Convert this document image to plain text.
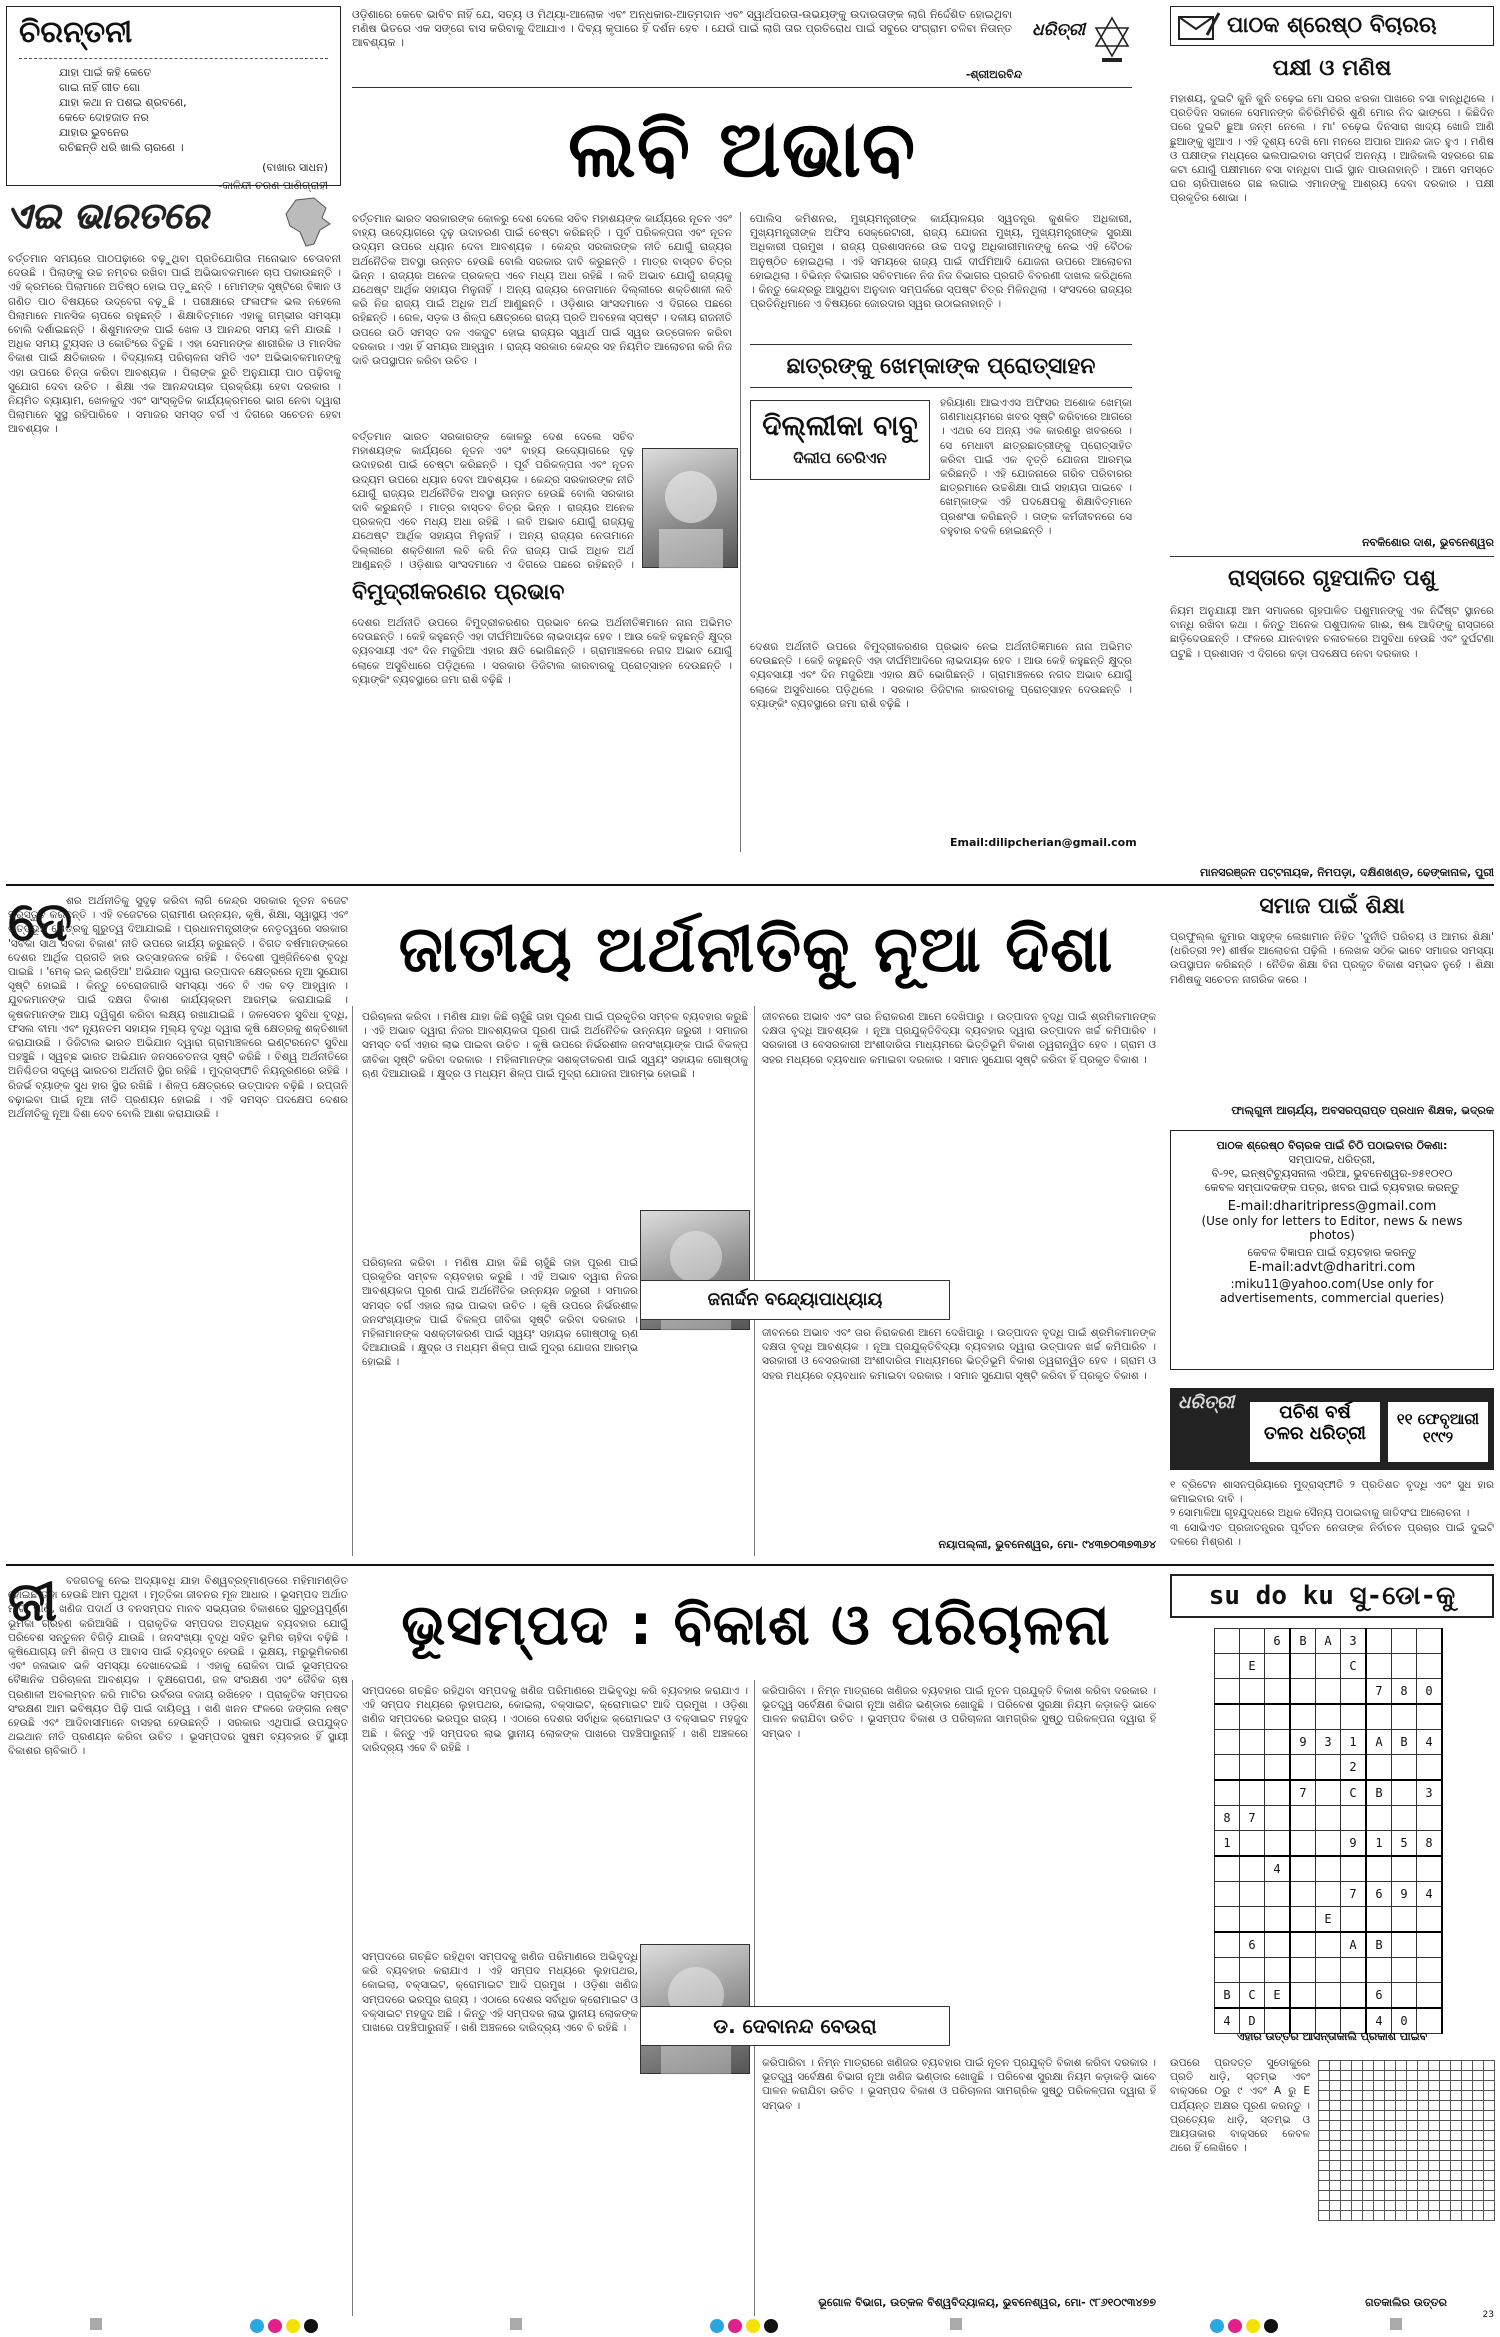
ଚିରନ୍ତନୀ
ଯାହା ପାଇଁ କହି କେତେ
ଗାଇ ନାହିଁ ଗୀତ ଗୋ
ଯାହା କଥା ନ ପଶଇ ଶ୍ରବଣେ,
କେତେ ଦୋହଜାତ ନର
ଯାହାର ଭୁବନେର
ରଚିଛନ୍ତି ଧରି ଖାଲି ଚାରଣେ ।
(ବାଖାର ସାଧନ)
-କାଳିନ୍ଦୀ ଚରଣ ପାଣିଗ୍ରାହୀ
ଏଇ ଭାରତରେ
ବର୍ତ୍ତମାନ ସମୟରେ ପାଠପଢ଼ାରେ ବଢ଼ୁଥିବା ପ୍ରତିଯୋଗିତା ମନୋଭାବ ଚେତାବନୀ ଦେଉଛି । ପିଲାଙ୍କୁ ଉଚ୍ଚ ନମ୍ବର ରଖିବା ପାଇଁ ଅଭିଭାବକମାନେ ଚାପ ପକାଉଛନ୍ତି । ଏହି କ୍ରମରେ ପିଲାମାନେ ଅତିଷ୍ଠ ହୋଇ ପଡ଼ୁଛନ୍ତି । ମୋମଙ୍କ ସୃଷ୍ଟିରେ ବିଜ୍ଞାନ ଓ ଗଣିତ ପାଠ ବିଷୟରେ ଉଦ୍‌ବେଗ ବଢ଼ୁଛି । ପରୀକ୍ଷାରେ ଫଳାଫଳ ଭଲ ନହେଲେ ପିଲାମାନେ ମାନସିକ ଚାପରେ ରହୁଛନ୍ତି । ଶିକ୍ଷାବିତ୍‌ମାନେ ଏହାକୁ ଗମ୍ଭୀର ସମସ୍ୟା ବୋଲି ଦର୍ଶାଇଛନ୍ତି । ଶିଶୁମାନଙ୍କ ପାଇଁ ଖେଳ ଓ ଆନନ୍ଦର ସମୟ କମି ଯାଉଛି । ଅଧିକ ସମୟ ଟ୍ୟୁସନ ଓ କୋଚିଂରେ ବିତୁଛି । ଏହା ସେମାନଙ୍କ ଶାରୀରିକ ଓ ମାନସିକ ବିକାଶ ପାଇଁ କ୍ଷତିକାରକ । ବିଦ୍ୟାଳୟ ପରିଚାଳନା ସମିତି ଏବଂ ଅଭିଭାବକମାନଙ୍କୁ ଏହା ଉପରେ ଚିନ୍ତା କରିବା ଆବଶ୍ୟକ । ପିଲାଙ୍କ ରୁଚି ଅନୁଯାୟୀ ପାଠ ପଢ଼ିବାକୁ ସୁଯୋଗ ଦେବା ଉଚିତ । ଶିକ୍ଷା ଏକ ଆନନ୍ଦଦାୟକ ପ୍ରକ୍ରିୟା ହେବା ଦରକାର । ନିୟମିତ ବ୍ୟାୟାମ, ଖେଳକୁଦ ଏବଂ ସାଂସ୍କୃତିକ କାର୍ଯ୍ୟକ୍ରମରେ ଭାଗ ନେବା ଦ୍ୱାରା ପିଲାମାନେ ସୁସ୍ଥ ରହିପାରିବେ । ସମାଜର ସମସ୍ତ ବର୍ଗ ଏ ଦିଗରେ ସଚେତନ ହେବା ଆବଶ୍ୟକ ।
ଓଡ଼ିଶାରେ କେବେ ଭାବିବ ନାହିଁ ଯେ, ସତ୍ୟ ଓ ମିଥ୍ୟା-ଆଲୋକ ଏବଂ ଅନ୍ଧକାର-ଆତ୍ମଦାନ ଏବଂ ସ୍ୱାର୍ଥପରତା-ଉଭୟଙ୍କୁ ଉଦାରତାଙ୍କ ଲାଗି ନିର୍ଦ୍ଦେଶିତ ହୋଇଥିବା ମଣିଷ ଭିତରେ ଏକ ସଙ୍ଗେ ବାସ କରିବାକୁ ଦିଆଯାଏ । ଦିବ୍ୟ କୃପାରେ ହିଁ ଦର୍ଶନ ହେବ । ଯେଉଁ ପାଇଁ ଲାଗି ତାର ପ୍ରତିରୋଧ ପାଇଁ ସବୁରେ ସଂଗ୍ରାମ ଚଳିବା ନିତାନ୍ତ ଆବଶ୍ୟକ ।
-ଶ୍ରୀଅରବିନ୍ଦ
ଧରିତ୍ରୀ
ଲବି ଅଭାବ
ବର୍ତ୍ତମାନ ଭାରତ ସରକାରଙ୍କ କୋଳରୁ ଦେଶ ଦେଲେ ସଚିବ ମହାଶୟଙ୍କ କାର୍ଯ୍ୟରେ ନୂତନ ଏବଂ ବାହ୍ୟ ଉଦ୍ୟୋଗରେ ଦୃଢ଼ ଉଦାହରଣ ପାଇଁ ଚେଷ୍ଟା କରିଛନ୍ତି । ପୂର୍ବ ପରିକଳ୍ପନା ଏବଂ ନୂତନ ଉଦ୍ୟମ ଉପରେ ଧ୍ୟାନ ଦେବା ଆବଶ୍ୟକ । କେନ୍ଦ୍ର ସରକାରଙ୍କ ନୀତି ଯୋଗୁଁ ରାଜ୍ୟର ଅର୍ଥନୈତିକ ଅବସ୍ଥା ଉନ୍ନତ ହେଉଛି ବୋଲି ସରକାର ଦାବି କରୁଛନ୍ତି । ମାତ୍ର ବାସ୍ତବ ଚିତ୍ର ଭିନ୍ନ । ରାଜ୍ୟର ଅନେକ ପ୍ରକଳ୍ପ ଏବେ ମଧ୍ୟ ଅଧା ରହିଛି । ଲବି ଅଭାବ ଯୋଗୁଁ ରାଜ୍ୟକୁ ଯଥେଷ୍ଟ ଆର୍ଥିକ ସହାୟତା ମିଳୁନାହିଁ । ଅନ୍ୟ ରାଜ୍ୟର ନେତାମାନେ ଦିଲ୍ଲୀରେ ଶକ୍ତିଶାଳୀ ଲବି କରି ନିଜ ରାଜ୍ୟ ପାଇଁ ଅଧିକ ଅର୍ଥ ଆଣୁଛନ୍ତି । ଓଡ଼ିଶାର ସାଂସଦମାନେ ଏ ଦିଗରେ ପଛରେ ରହିଛନ୍ତି । ରେଳ, ସଡ଼କ ଓ ଶିଳ୍ପ କ୍ଷେତ୍ରରେ ରାଜ୍ୟ ପ୍ରତି ଅବହେଳା ସ୍ପଷ୍ଟ । ଦଳୀୟ ରାଜନୀତି ଉପରେ ଉଠି ସମସ୍ତ ଦଳ ଏକଜୁଟ ହୋଇ ରାଜ୍ୟର ସ୍ୱାର୍ଥ ପାଇଁ ସ୍ୱର ଉତ୍ତୋଳନ କରିବା ଦରକାର । ଏହା ହିଁ ସମୟର ଆହ୍ୱାନ । ରାଜ୍ୟ ସରକାର କେନ୍ଦ୍ର ସହ ନିୟମିତ ଆଲୋଚନା କରି ନିଜ ଦାବି ଉପସ୍ଥାପନ କରିବା ଉଚିତ ।
ପୋଲିସ କମିଶନର, ମୁଖ୍ୟମନ୍ତ୍ରୀଙ୍କ କାର୍ଯ୍ୟାଳୟର ସ୍ୱତନ୍ତ୍ର କୁଶଳିତ ଅଧିକାରୀ, ମୁଖ୍ୟମନ୍ତ୍ରୀଙ୍କ ଅଫିସ ସେକ୍ରେଟାରୀ, ରାଜ୍ୟ ଯୋଜନା ମୁଖ୍ୟ, ମୁଖ୍ୟମନ୍ତ୍ରୀଙ୍କ ସୁରକ୍ଷା ଅଧିକାରୀ ପ୍ରମୁଖ । ରାଜ୍ୟ ପ୍ରଶାସନରେ ଉଚ୍ଚ ପଦସ୍ଥ ଅଧିକାରୀମାନଙ୍କୁ ନେଇ ଏହି ବୈଠକ ଅନୁଷ୍ଠିତ ହୋଇଥିଲା । ଏହି ସମୟରେ ରାଜ୍ୟ ପାଇଁ ଦୀର୍ଘମିଆଦି ଯୋଜନା ଉପରେ ଆଲୋଚନା ହୋଇଥିଲା । ବିଭିନ୍ନ ବିଭାଗର ସଚିବମାନେ ନିଜ ନିଜ ବିଭାଗର ପ୍ରଗତି ବିବରଣୀ ଦାଖଲ କରିଥିଲେ । କିନ୍ତୁ କେନ୍ଦ୍ରରୁ ଆସୁଥିବା ଅନୁଦାନ ସମ୍ପର୍କରେ ସ୍ପଷ୍ଟ ଚିତ୍ର ମିଳିନଥିଲା । ସଂସଦରେ ରାଜ୍ୟର ପ୍ରତିନିଧିମାନେ ଏ ବିଷୟରେ ଜୋରଦାର ସ୍ୱର ଉଠାଇନାହାନ୍ତି ।
ଛାତ୍ରଙ୍କୁ ଖେମ୍‌କାଙ୍କ ପ୍ରୋତ୍ସାହନ
ଦିଲ୍ଲୀକା ବାବୁ
ଦିଲୀପ ଚେରିଏନ
ହରିୟାଣା ଆଇଏଏସ ଅଫିସର ଅଶୋକ ଖେମ୍‌କା ଗଣମାଧ୍ୟମରେ ଖବର ସୃଷ୍ଟି କରିବାରେ ଆଗରେ । ଏଥର ସେ ଅନ୍ୟ ଏକ କାରଣରୁ ଖବରରେ । ସେ ମେଧାବୀ ଛାତ୍ରଛାତ୍ରୀଙ୍କୁ ପ୍ରୋତ୍ସାହିତ କରିବା ପାଇଁ ଏକ ବୃତ୍ତି ଯୋଜନା ଆରମ୍ଭ କରିଛନ୍ତି । ଏହି ଯୋଜନାରେ ଗରିବ ପରିବାରର ଛାତ୍ରମାନେ ଉଚ୍ଚଶିକ୍ଷା ପାଇଁ ସହାୟତା ପାଇବେ । ଖେମ୍‌କାଙ୍କ ଏହି ପଦକ୍ଷେପକୁ ଶିକ୍ଷାବିତ୍‌ମାନେ ପ୍ରଶଂସା କରିଛନ୍ତି । ତାଙ୍କ କର୍ମଜୀବନରେ ସେ ବହୁବାର ବଦଳି ହୋଇଛନ୍ତି ।
ବର୍ତ୍ତମାନ ଭାରତ ସରକାରଙ୍କ କୋଳରୁ ଦେଶ ଦେଲେ ସଚିବ ମହାଶୟଙ୍କ କାର୍ଯ୍ୟରେ ନୂତନ ଏବଂ ବାହ୍ୟ ଉଦ୍ୟୋଗରେ ଦୃଢ଼ ଉଦାହରଣ ପାଇଁ ଚେଷ୍ଟା କରିଛନ୍ତି । ପୂର୍ବ ପରିକଳ୍ପନା ଏବଂ ନୂତନ ଉଦ୍ୟମ ଉପରେ ଧ୍ୟାନ ଦେବା ଆବଶ୍ୟକ । କେନ୍ଦ୍ର ସରକାରଙ୍କ ନୀତି ଯୋଗୁଁ ରାଜ୍ୟର ଅର୍ଥନୈତିକ ଅବସ୍ଥା ଉନ୍ନତ ହେଉଛି ବୋଲି ସରକାର ଦାବି କରୁଛନ୍ତି । ମାତ୍ର ବାସ୍ତବ ଚିତ୍ର ଭିନ୍ନ । ରାଜ୍ୟର ଅନେକ ପ୍ରକଳ୍ପ ଏବେ ମଧ୍ୟ ଅଧା ରହିଛି । ଲବି ଅଭାବ ଯୋଗୁଁ ରାଜ୍ୟକୁ ଯଥେଷ୍ଟ ଆର୍ଥିକ ସହାୟତା ମିଳୁନାହିଁ । ଅନ୍ୟ ରାଜ୍ୟର ନେତାମାନେ ଦିଲ୍ଲୀରେ ଶକ୍ତିଶାଳୀ ଲବି କରି ନିଜ ରାଜ୍ୟ ପାଇଁ ଅଧିକ ଅର୍ଥ ଆଣୁଛନ୍ତି । ଓଡ଼ିଶାର ସାଂସଦମାନେ ଏ ଦିଗରେ ପଛରେ ରହିଛନ୍ତି ।
ବିମୁଦ୍ରୀକରଣର ପ୍ରଭାବ
ଦେଶର ଅର୍ଥନୀତି ଉପରେ ବିମୁଦ୍ରୀକରଣର ପ୍ରଭାବ ନେଇ ଅର୍ଥନୀତିଜ୍ଞମାନେ ନାନା ଅଭିମତ ଦେଉଛନ୍ତି । କେହି କହୁଛନ୍ତି ଏହା ଦୀର୍ଘମିଆଦିରେ ଲାଭଦାୟକ ହେବ । ଆଉ କେହି କହୁଛନ୍ତି କ୍ଷୁଦ୍ର ବ୍ୟବସାୟୀ ଏବଂ ଦିନ ମଜୁରିଆ ଏହାର କ୍ଷତି ଭୋଗିଛନ୍ତି । ଗ୍ରାମାଞ୍ଚଳରେ ନଗଦ ଅଭାବ ଯୋଗୁଁ ଲୋକେ ଅସୁବିଧାରେ ପଡ଼ିଥିଲେ । ସରକାର ଡିଜିଟାଲ କାରବାରକୁ ପ୍ରୋତ୍ସାହନ ଦେଉଛନ୍ତି । ବ୍ୟାଙ୍କିଂ ବ୍ୟବସ୍ଥାରେ ଜମା ରାଶି ବଢ଼ିଛି ।
ଦେଶର ଅର୍ଥନୀତି ଉପରେ ବିମୁଦ୍ରୀକରଣର ପ୍ରଭାବ ନେଇ ଅର୍ଥନୀତିଜ୍ଞମାନେ ନାନା ଅଭିମତ ଦେଉଛନ୍ତି । କେହି କହୁଛନ୍ତି ଏହା ଦୀର୍ଘମିଆଦିରେ ଲାଭଦାୟକ ହେବ । ଆଉ କେହି କହୁଛନ୍ତି କ୍ଷୁଦ୍ର ବ୍ୟବସାୟୀ ଏବଂ ଦିନ ମଜୁରିଆ ଏହାର କ୍ଷତି ଭୋଗିଛନ୍ତି । ଗ୍ରାମାଞ୍ଚଳରେ ନଗଦ ଅଭାବ ଯୋଗୁଁ ଲୋକେ ଅସୁବିଧାରେ ପଡ଼ିଥିଲେ । ସରକାର ଡିଜିଟାଲ କାରବାରକୁ ପ୍ରୋତ୍ସାହନ ଦେଉଛନ୍ତି । ବ୍ୟାଙ୍କିଂ ବ୍ୟବସ୍ଥାରେ ଜମା ରାଶି ବଢ଼ିଛି ।
Email:dilipcherian@gmail.com
ପାଠକ ଶ୍ରେଷ୍ଠ ବିଚାରଋ
ପକ୍ଷୀ ଓ ମଣିଷ
ମହାଶୟ, ଦୁଇଟି କୁନି କୁନି ଚଢ଼େଇ ମୋ ଘରର ଝରକା ପାଖରେ ବସା ବାନ୍ଧିଥିଲେ । ପ୍ରତିଦିନ ସକାଳେ ସେମାନଙ୍କ କିଚିରିମିଚିରି ଶୁଣି ମୋର ନିଦ ଭାଙ୍ଗେ । କିଛିଦିନ ପରେ ଦୁଇଟି ଛୁଆ ଜନ୍ମ ନେଲେ । ମା' ଚଢ଼େଇ ଦିନସାରା ଖାଦ୍ୟ ଖୋଜି ଆଣି ଛୁଆଙ୍କୁ ଖୁଆଏ । ଏହି ଦୃଶ୍ୟ ଦେଖି ମୋ ମନରେ ଅପାର ଆନନ୍ଦ ଜାତ ହୁଏ । ମଣିଷ ଓ ପକ୍ଷୀଙ୍କ ମଧ୍ୟରେ ଭଲପାଇବାର ସମ୍ପର୍କ ଅନନ୍ୟ । ଆଜିକାଲି ସହରରେ ଗଛ କଟା ଯୋଗୁଁ ପକ୍ଷୀମାନେ ବସା ବାନ୍ଧିବା ପାଇଁ ସ୍ଥାନ ପାଉନାହାନ୍ତି । ଆମେ ସମସ୍ତେ ଘର ଚାରିପାଖରେ ଗଛ ଲଗାଇ ଏମାନଙ୍କୁ ଆଶ୍ରୟ ଦେବା ଦରକାର । ପକ୍ଷୀ ପ୍ରକୃତିର ଶୋଭା ।
ନବକିଶୋର ଦାଶ, ଭୁବନେଶ୍ୱର
ରାସ୍ତାରେ ଗୃହପାଳିତ ପଶୁ
ନିୟମ ଅନୁଯାୟୀ ଆମ ସମାଜରେ ଗୃହପାଳିତ ପଶୁମାନଙ୍କୁ ଏକ ନିର୍ଦ୍ଦିଷ୍ଟ ସ୍ଥାନରେ ବାନ୍ଧି ରଖିବା କଥା । କିନ୍ତୁ ଅନେକ ପଶୁପାଳକ ଗାଈ, ଷଣ୍ଢ ଆଦିଙ୍କୁ ରାସ୍ତାରେ ଛାଡ଼ିଦେଉଛନ୍ତି । ଫଳରେ ଯାନବାହନ ଚଳାଚଳରେ ଅସୁବିଧା ହେଉଛି ଏବଂ ଦୁର୍ଘଟଣା ଘଟୁଛି । ପ୍ରଶାସନ ଏ ଦିଗରେ କଡ଼ା ପଦକ୍ଷେପ ନେବା ଦରକାର ।
ମାନସରଞ୍ଜନ ପଟ୍ଟନାୟକ, ନିମପଡ଼ା, ଦକ୍ଷିଣଖଣ୍ଡ, ଢେଙ୍କାନାଳ, ପୁରୀ
ଦେ
ଶର ଅର୍ଥନୀତିକୁ ସୁଦୃଢ଼ କରିବା ଲାଗି କେନ୍ଦ୍ର ସରକାର ନୂତନ ବଜେଟ ପ୍ରସ୍ତୁତ କରିଛନ୍ତି । ଏହି ବଜେଟରେ ଗ୍ରାମୀଣ ଉନ୍ନୟନ, କୃଷି, ଶିକ୍ଷା, ସ୍ୱାସ୍ଥ୍ୟ ଏବଂ ଭିତ୍ତିଭୂମି କ୍ଷେତ୍ରକୁ ଗୁରୁତ୍ୱ ଦିଆଯାଇଛି । ପ୍ରଧାନମନ୍ତ୍ରୀଙ୍କ ନେତୃତ୍ୱରେ ସରକାର 'ସବକା ସାଥ ସବକା ବିକାଶ' ନୀତି ଉପରେ କାର୍ଯ୍ୟ କରୁଛନ୍ତି । ବିଗତ ବର୍ଷମାନଙ୍କରେ ଦେଶର ଆର୍ଥିକ ପ୍ରଗତି ହାର ଉତ୍ସାହଜନକ ରହିଛି । ବିଦେଶୀ ପୁଞ୍ଜିନିବେଶ ବୃଦ୍ଧି ପାଇଛି । 'ମେକ୍ ଇନ୍ ଇଣ୍ଡିଆ' ଅଭିଯାନ ଦ୍ୱାରା ଉତ୍ପାଦନ କ୍ଷେତ୍ରରେ ନୂଆ ସୁଯୋଗ ସୃଷ୍ଟି ହୋଇଛି । କିନ୍ତୁ ବେରୋଜଗାରି ସମସ୍ୟା ଏବେ ବି ଏକ ବଡ଼ ଆହ୍ୱାନ । ଯୁବକମାନଙ୍କ ପାଇଁ ଦକ୍ଷତା ବିକାଶ କାର୍ଯ୍ୟକ୍ରମ ଆରମ୍ଭ କରାଯାଇଛି । କୃଷକମାନଙ୍କ ଆୟ ଦ୍ୱିଗୁଣ କରିବା ଲକ୍ଷ୍ୟ ରଖାଯାଇଛି । ଜଳସେଚନ ସୁବିଧା ବୃଦ୍ଧି, ଫସଲ ବୀମା ଏବଂ ନ୍ୟୂନତମ ସହାୟକ ମୂଲ୍ୟ ବୃଦ୍ଧି ଦ୍ୱାରା କୃଷି କ୍ଷେତ୍ରକୁ ଶକ୍ତିଶାଳୀ କରାଯାଉଛି । ଡିଜିଟାଲ ଭାରତ ଅଭିଯାନ ଦ୍ୱାରା ଗ୍ରାମାଞ୍ଚଳରେ ଇଣ୍ଟରନେଟ ସୁବିଧା ପହଞ୍ଚୁଛି । ସ୍ୱଚ୍ଛ ଭାରତ ଅଭିଯାନ ଜନସଚେତନତା ସୃଷ୍ଟି କରିଛି । ବିଶ୍ୱ ଅର୍ଥନୀତିରେ ଅନିଶ୍ଚିତତା ସତ୍ତ୍ୱେ ଭାରତର ଅର୍ଥନୀତି ସ୍ଥିର ରହିଛି । ମୁଦ୍ରାସ୍ଫୀତି ନିୟନ୍ତ୍ରଣରେ ରହିଛି । ରିଜର୍ଭ ବ୍ୟାଙ୍କ ସୁଧ ହାର ସ୍ଥିର ରଖିଛି । ଶିଳ୍ପ କ୍ଷେତ୍ରରେ ଉତ୍ପାଦନ ବଢ଼ିଛି । ରପ୍ତାନି ବଢ଼ାଇବା ପାଇଁ ନୂଆ ନୀତି ପ୍ରଣୟନ ହୋଇଛି । ଏହି ସମସ୍ତ ପଦକ୍ଷେପ ଦେଶର ଅର୍ଥନୀତିକୁ ନୂଆ ଦିଶା ଦେବ ବୋଲି ଆଶା କରାଯାଉଛି ।
ଜାତୀୟ ଅର୍ଥନୀତିକୁ ନୂଆ ଦିଶା
ପରିଚାଳନା କରିବା । ମଣିଷ ଯାହା କିଛି ଚାହୁଁଛି ତାହା ପୂରଣ ପାଇଁ ପ୍ରକୃତିର ସମ୍ବଳ ବ୍ୟବହାର କରୁଛି । ଏହି ଅଭାବ ଦ୍ୱାରା ନିଜର ଆବଶ୍ୟକତା ପୂରଣ ପାଇଁ ଅର୍ଥନୈତିକ ଉନ୍ନୟନ ଜରୁରୀ । ସମାଜର ସମସ୍ତ ବର୍ଗ ଏହାର ଲାଭ ପାଇବା ଉଚିତ । କୃଷି ଉପରେ ନିର୍ଭରଶୀଳ ଜନସଂଖ୍ୟାଙ୍କ ପାଇଁ ବିକଳ୍ପ ଜୀବିକା ସୃଷ୍ଟି କରିବା ଦରକାର । ମହିଳାମାନଙ୍କ ସଶକ୍ତୀକରଣ ପାଇଁ ସ୍ୱୟଂ ସହାୟକ ଗୋଷ୍ଠୀକୁ ଋଣ ଦିଆଯାଉଛି । କ୍ଷୁଦ୍ର ଓ ମଧ୍ୟମ ଶିଳ୍ପ ପାଇଁ ମୁଦ୍ରା ଯୋଜନା ଆରମ୍ଭ ହୋଇଛି ।
ଜୀବନରେ ଅଭାବ ଏବଂ ତାର ନିରାକରଣ ଆମେ ଦେଖିପାରୁ । ଉତ୍ପାଦନ ବୃଦ୍ଧି ପାଇଁ ଶ୍ରମିକମାନଙ୍କ ଦକ୍ଷତା ବୃଦ୍ଧି ଆବଶ୍ୟକ । ନୂଆ ପ୍ରଯୁକ୍ତିବିଦ୍ୟା ବ୍ୟବହାର ଦ୍ୱାରା ଉତ୍ପାଦନ ଖର୍ଚ୍ଚ କମିପାରିବ । ସରକାରୀ ଓ ବେସରକାରୀ ଅଂଶୀଦାରିତା ମାଧ୍ୟମରେ ଭିତ୍ତିଭୂମି ବିକାଶ ତ୍ୱରାନ୍ୱିତ ହେବ । ଗ୍ରାମ ଓ ସହର ମଧ୍ୟରେ ବ୍ୟବଧାନ କମାଇବା ଦରକାର । ସମାନ ସୁଯୋଗ ସୃଷ୍ଟି କରିବା ହିଁ ପ୍ରକୃତ ବିକାଶ ।
ଜନାର୍ଦ୍ଦନ ବନ୍ଦ୍ୟୋପାଧ୍ୟାୟ
ପରିଚାଳନା କରିବା । ମଣିଷ ଯାହା କିଛି ଚାହୁଁଛି ତାହା ପୂରଣ ପାଇଁ ପ୍ରକୃତିର ସମ୍ବଳ ବ୍ୟବହାର କରୁଛି । ଏହି ଅଭାବ ଦ୍ୱାରା ନିଜର ଆବଶ୍ୟକତା ପୂରଣ ପାଇଁ ଅର୍ଥନୈତିକ ଉନ୍ନୟନ ଜରୁରୀ । ସମାଜର ସମସ୍ତ ବର୍ଗ ଏହାର ଲାଭ ପାଇବା ଉଚିତ । କୃଷି ଉପରେ ନିର୍ଭରଶୀଳ ଜନସଂଖ୍ୟାଙ୍କ ପାଇଁ ବିକଳ୍ପ ଜୀବିକା ସୃଷ୍ଟି କରିବା ଦରକାର । ମହିଳାମାନଙ୍କ ସଶକ୍ତୀକରଣ ପାଇଁ ସ୍ୱୟଂ ସହାୟକ ଗୋଷ୍ଠୀକୁ ଋଣ ଦିଆଯାଉଛି । କ୍ଷୁଦ୍ର ଓ ମଧ୍ୟମ ଶିଳ୍ପ ପାଇଁ ମୁଦ୍ରା ଯୋଜନା ଆରମ୍ଭ ହୋଇଛି ।
ଜୀବନରେ ଅଭାବ ଏବଂ ତାର ନିରାକରଣ ଆମେ ଦେଖିପାରୁ । ଉତ୍ପାଦନ ବୃଦ୍ଧି ପାଇଁ ଶ୍ରମିକମାନଙ୍କ ଦକ୍ଷତା ବୃଦ୍ଧି ଆବଶ୍ୟକ । ନୂଆ ପ୍ରଯୁକ୍ତିବିଦ୍ୟା ବ୍ୟବହାର ଦ୍ୱାରା ଉତ୍ପାଦନ ଖର୍ଚ୍ଚ କମିପାରିବ । ସରକାରୀ ଓ ବେସରକାରୀ ଅଂଶୀଦାରିତା ମାଧ୍ୟମରେ ଭିତ୍ତିଭୂମି ବିକାଶ ତ୍ୱରାନ୍ୱିତ ହେବ । ଗ୍ରାମ ଓ ସହର ମଧ୍ୟରେ ବ୍ୟବଧାନ କମାଇବା ଦରକାର । ସମାନ ସୁଯୋଗ ସୃଷ୍ଟି କରିବା ହିଁ ପ୍ରକୃତ ବିକାଶ ।
ନୟାପଲ୍ଲୀ, ଭୁବନେଶ୍ୱର, ମୋ- ୯୪୩୭୦୩୭୩୬୪
ସମାଜ ପାଇଁ ଶିକ୍ଷା
ପ୍ରଫୁଲ୍ଲ କୁମାର ସାହୁଙ୍କ ଲେଖାମାନ ନିହିତ 'ଦୁର୍ନୀତି ପରିଚୟ ଓ ଆମର ଶିକ୍ଷା' (ଧରିତ୍ରୀ ୨୧) ଶୀର୍ଷକ ଆଲୋଚନା ପଢ଼ିଲି । ଲେଖକ ସଠିକ ଭାବେ ସମାଜର ସମସ୍ୟା ଉପସ୍ଥାପନ କରିଛନ୍ତି । ନୈତିକ ଶିକ୍ଷା ବିନା ପ୍ରକୃତ ବିକାଶ ସମ୍ଭବ ନୁହେଁ । ଶିକ୍ଷା ମଣିଷକୁ ସଚେତନ ନାଗରିକ କରେ ।
ଫାଲ୍‌ଗୁନୀ ଆଚାର୍ଯ୍ୟ, ଅବସରପ୍ରାପ୍ତ ପ୍ରଧାନ ଶିକ୍ଷକ, ଭଦ୍ରକ
ପାଠକ ଶ୍ରେଷ୍ଠ ବିଚାରକ ପାଇଁ ଚିଠି ପଠାଇବାର ଠିକଣା:
ସମ୍ପାଦକ, ଧରିତ୍ରୀ,
ବି-୨୧, ଇନ୍‌ଷ୍ଟିଚ୍ୟୁସନାଲ ଏରିଆ, ଭୁବନେଶ୍ୱର-୭୫୧୦୧୦
କେବଳ ସମ୍ପାଦକଙ୍କ ପତ୍ର, ଖବର ପାଇଁ ବ୍ୟବହାର କରନ୍ତୁ
E-mail:dharitripress@gmail.com
(Use only for letters to Editor, news & news photos)
କେବଳ ବିଜ୍ଞାପନ ପାଇଁ ବ୍ୟବହାର କରନ୍ତୁ
E-mail:advt@dharitri.com
:miku11@yahoo.com(Use only for advertisements, commercial queries)
ଧରିତ୍ରୀ	ପଚିଶ ବର୍ଷ
ତଳର ଧରିତ୍ରୀ
୧୧ ଫେବୃଆରୀ ୧୯୯୨
୧ ବ୍ରିଟେନ ଶାସନପ୍ରିୟାରେ ମୁଦ୍ରାସ୍ଫୀତି ୨ ପ୍ରତିଶତ ବୃଦ୍ଧି ଏବଂ ସୁଧ ହାର କମାଇବାର ଦାବି ।
୨ ସୋମାଳିଆ ଗୃହଯୁଦ୍ଧରେ ଅଧିକ ସୈନ୍ୟ ପଠାଇବାକୁ ଜାତିସଂଘ ଆଲୋଚନା ।
୩ ସୋଭିଏତ ପ୍ରଜାତନ୍ତ୍ରର ପୂର୍ବତନ ନେତାଙ୍କ ନିର୍ବାଚନ ପ୍ରଚାର ପାଇଁ ଦୁଇଟି ଦଳରେ ମିଶ୍ରଣ ।
ଜୀ ବଜଗତକୁ ନେଇ ଅଦ୍ୟାବଧି ଯାହା ବିଶ୍ୱବ୍ରହ୍ମାଣ୍ଡରେ ମହିମାମଣ୍ଡିତ ହୋଇଛି ତାହା ହେଉଛି ଆମ ପୃଥିବୀ । ମୃତ୍ତିକା ଜୀବନର ମୂଳ ଆଧାର । ଭୂସମ୍ପଦ ଅର୍ଥାତ ମାଟି, ପାଣି, ଖଣିଜ ପଦାର୍ଥ ଓ ବନସମ୍ପଦ ମାନବ ସଭ୍ୟତାର ବିକାଶରେ ଗୁରୁତ୍ୱପୂର୍ଣ୍ଣ ଭୂମିକା ଗ୍ରହଣ କରିଆସିଛି । ପ୍ରାକୃତିକ ସମ୍ପଦର ଅତ୍ୟଧିକ ବ୍ୟବହାର ଯୋଗୁଁ ପରିବେଶ ସନ୍ତୁଳନ ବିଗିଡ଼ି ଯାଉଛି । ଜନସଂଖ୍ୟା ବୃଦ୍ଧି ସହିତ ଭୂମିର ଚାହିଦା ବଢ଼ିଛି । କୃଷିଯୋଗ୍ୟ ଜମି ଶିଳ୍ପ ଓ ଆବାସ ପାଇଁ ବ୍ୟବହୃତ ହେଉଛି । ଭୂକ୍ଷୟ, ମରୁଭୂମିକରଣ ଏବଂ ଜଳାଭାବ ଭଳି ସମସ୍ୟା ଦେଖାଦେଇଛି । ଏହାକୁ ରୋକିବା ପାଇଁ ଭୂସମ୍ପଦର ବୈଜ୍ଞାନିକ ପରିଚାଳନା ଆବଶ୍ୟକ । ବୃକ୍ଷରୋପଣ, ଜଳ ସଂରକ୍ଷଣ ଏବଂ ଜୈବିକ ଚାଷ ପ୍ରଣାଳୀ ଅବଲମ୍ବନ କରି ମାଟିର ଉର୍ବରତା ବଜାୟ ରଖିହେବ । ପ୍ରାକୃତିକ ସମ୍ପଦର ସଂରକ୍ଷଣ ଆମ ଭବିଷ୍ୟତ ପିଢ଼ି ପାଇଁ ଦାୟିତ୍ୱ । ଖଣି ଖନନ ଫଳରେ ଜଙ୍ଗଲ ନଷ୍ଟ ହେଉଛି ଏବଂ ଆଦିବାସୀମାନେ ବାସହରା ହେଉଛନ୍ତି । ସରକାର ଏଥିପାଇଁ ଉପଯୁକ୍ତ ଥଇଥାନ ନୀତି ପ୍ରଣୟନ କରିବା ଉଚିତ । ଭୂସମ୍ପଦର ସୁଷମ ବ୍ୟବହାର ହିଁ ସ୍ଥାୟୀ ବିକାଶର ଚାବିକାଠି ।
ଭୂସମ୍ପଦ : ବିକାଶ ଓ ପରିଚାଳନା
ସମ୍ପଦରେ ଗଚ୍ଛିତ ରହିଥିବା ସମ୍ପଦକୁ ଖଣିଜ ପରିମାଣରେ ଅଭିବୃଦ୍ଧି କରି ବ୍ୟବହାର କରାଯାଏ । ଏହି ସମ୍ପଦ ମଧ୍ୟରେ ଲୁହାପଥର, କୋଇଲା, ବକ୍ସାଇଟ, କ୍ରୋମାଇଟ ଆଦି ପ୍ରମୁଖ । ଓଡ଼ିଶା ଖଣିଜ ସମ୍ପଦରେ ଭରପୂର ରାଜ୍ୟ । ଏଠାରେ ଦେଶର ସର୍ବାଧିକ କ୍ରୋମାଇଟ ଓ ବକ୍ସାଇଟ ମହଜୁଦ ଅଛି । କିନ୍ତୁ ଏହି ସମ୍ପଦର ଲାଭ ସ୍ଥାନୀୟ ଲୋକଙ୍କ ପାଖରେ ପହଞ୍ଚିପାରୁନାହିଁ । ଖଣି ଅଞ୍ଚଳରେ ଦାରିଦ୍ର୍ୟ ଏବେ ବି ରହିଛି ।
କରିପାରିବା । ନିମ୍ନ ମାତ୍ରାରେ ଖଣିଜର ବ୍ୟବହାର ପାଇଁ ନୂତନ ପ୍ରଯୁକ୍ତି ବିକାଶ କରିବା ଦରକାର । ଭୂତତ୍ତ୍ୱ ସର୍ବେକ୍ଷଣ ବିଭାଗ ନୂଆ ଖଣିଜ ଭଣ୍ଡାର ଖୋଜୁଛି । ପରିବେଶ ସୁରକ୍ଷା ନିୟମ କଡ଼ାକଡ଼ି ଭାବେ ପାଳନ କରାଯିବା ଉଚିତ । ଭୂସମ୍ପଦ ବିକାଶ ଓ ପରିଚାଳନା ସାମଗ୍ରିକ ସୁଷ୍ଠୁ ପରିକଳ୍ପନା ଦ୍ୱାରା ହିଁ ସମ୍ଭବ ।
ଡ. ଦେବାନନ୍ଦ ବେଉରା
ସମ୍ପଦରେ ଗଚ୍ଛିତ ରହିଥିବା ସମ୍ପଦକୁ ଖଣିଜ ପରିମାଣରେ ଅଭିବୃଦ୍ଧି କରି ବ୍ୟବହାର କରାଯାଏ । ଏହି ସମ୍ପଦ ମଧ୍ୟରେ ଲୁହାପଥର, କୋଇଲା, ବକ୍ସାଇଟ, କ୍ରୋମାଇଟ ଆଦି ପ୍ରମୁଖ । ଓଡ଼ିଶା ଖଣିଜ ସମ୍ପଦରେ ଭରପୂର ରାଜ୍ୟ । ଏଠାରେ ଦେଶର ସର୍ବାଧିକ କ୍ରୋମାଇଟ ଓ ବକ୍ସାଇଟ ମହଜୁଦ ଅଛି । କିନ୍ତୁ ଏହି ସମ୍ପଦର ଲାଭ ସ୍ଥାନୀୟ ଲୋକଙ୍କ ପାଖରେ ପହଞ୍ଚିପାରୁନାହିଁ । ଖଣି ଅଞ୍ଚଳରେ ଦାରିଦ୍ର୍ୟ ଏବେ ବି ରହିଛି ।
କରିପାରିବା । ନିମ୍ନ ମାତ୍ରାରେ ଖଣିଜର ବ୍ୟବହାର ପାଇଁ ନୂତନ ପ୍ରଯୁକ୍ତି ବିକାଶ କରିବା ଦରକାର । ଭୂତତ୍ତ୍ୱ ସର୍ବେକ୍ଷଣ ବିଭାଗ ନୂଆ ଖଣିଜ ଭଣ୍ଡାର ଖୋଜୁଛି । ପରିବେଶ ସୁରକ୍ଷା ନିୟମ କଡ଼ାକଡ଼ି ଭାବେ ପାଳନ କରାଯିବା ଉଚିତ । ଭୂସମ୍ପଦ ବିକାଶ ଓ ପରିଚାଳନା ସାମଗ୍ରିକ ସୁଷ୍ଠୁ ପରିକଳ୍ପନା ଦ୍ୱାରା ହିଁ ସମ୍ଭବ ।
ଭୂଗୋଳ ବିଭାଗ, ଉତ୍କଳ ବିଶ୍ୱବିଦ୍ୟାଳୟ, ଭୁବନେଶ୍ୱର, ମୋ- ୯୮୬୧୦୯୩୪୭୭
su do ku ସୁ-ଡୋ-କୁ
		6	B	A	3			
	E				C			
						7	8	0

			9	3	1	A	B	4
					2			
			7		C	B		3
8	7							
1					9	1	5	8
		4						
					7	6	9	4
				E				
	6				A	B		

B	C	E				6		
4	D					4	0	
ଏହାର ଉତ୍ତର ଆସନ୍ତାକାଲି ପ୍ରକାଶ ପାଇବ
ଉପରେ ପ୍ରଦତ୍ତ ସୁଡୋକୁରେ ପ୍ରତି ଧାଡ଼ି, ସ୍ତମ୍ଭ ଏବଂ ବାକ୍ସରେ ୦ରୁ ୯ ଏବଂ A ରୁ E ପର୍ଯ୍ୟନ୍ତ ଅକ୍ଷର ପୂରଣ କରନ୍ତୁ । ପ୍ରତ୍ୟେକ ଧାଡ଼ି, ସ୍ତମ୍ଭ ଓ ଆୟତାକାର ବାକ୍ସରେ କେବଳ ଥରେ ହିଁ ଲେଖିବେ ।

ଗତକାଲିର ଉତ୍ତର
23
